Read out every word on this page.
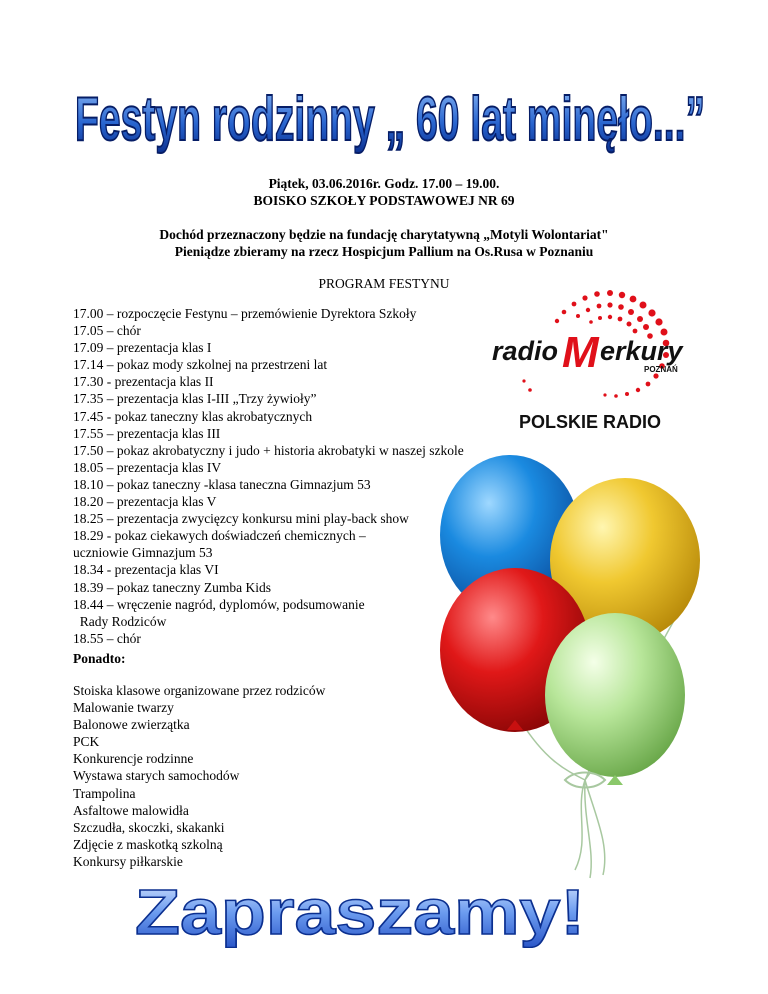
Festyn rodzinny „ 60 lat minęło...”
Piątek, 03.06.2016r. Godz. 17.00 – 19.00.
BOISKO SZKOŁY PODSTAWOWEJ NR 69
Dochód przeznaczony będzie na fundację charytatywną „Motyli Wolontariat"
Pieniądze zbieramy na rzecz Hospicjum Pallium na Os.Rusa w Poznaniu
PROGRAM FESTYNU
17.00 – rozpoczęcie Festynu – przemówienie Dyrektora Szkoły
17.05 – chór
17.09 – prezentacja klas I
17.14 – pokaz mody szkolnej na przestrzeni lat
17.30 - prezentacja klas II
17.35 – prezentacja klas I-III „Trzy żywioły”
17.45 - pokaz taneczny klas akrobatycznych
17.55 – prezentacja klas III
17.50 – pokaz akrobatyczny i judo + historia akrobatyki w naszej szkole
18.05 – prezentacja klas IV
18.10 – pokaz taneczny -klasa taneczna Gimnazjum 53
18.20 – prezentacja klas V
18.25 – prezentacja zwycięzcy konkursu mini play-back show
18.29 - pokaz ciekawych doświadczeń chemicznych –
uczniowie Gimnazjum 53
18.34 - prezentacja klas VI
18.39 – pokaz taneczny Zumba Kids
18.44 – wręczenie nagród, dyplomów, podsumowanie
Rady Rodziców
18.55 – chór
Ponadto:
Stoiska klasowe organizowane przez rodziców
Malowanie twarzy
Balonowe zwierzątka
PCK
Konkurencje rodzinne
Wystawa starych samochodów
Trampolina
Asfaltowe malowidła
Szczudła, skoczki, skakanki
Zdjęcie z maskotką szkolną
Konkursy piłkarskie
radio M erkury
POZNAŃ
POLSKIE RADIO
Zapraszamy!
